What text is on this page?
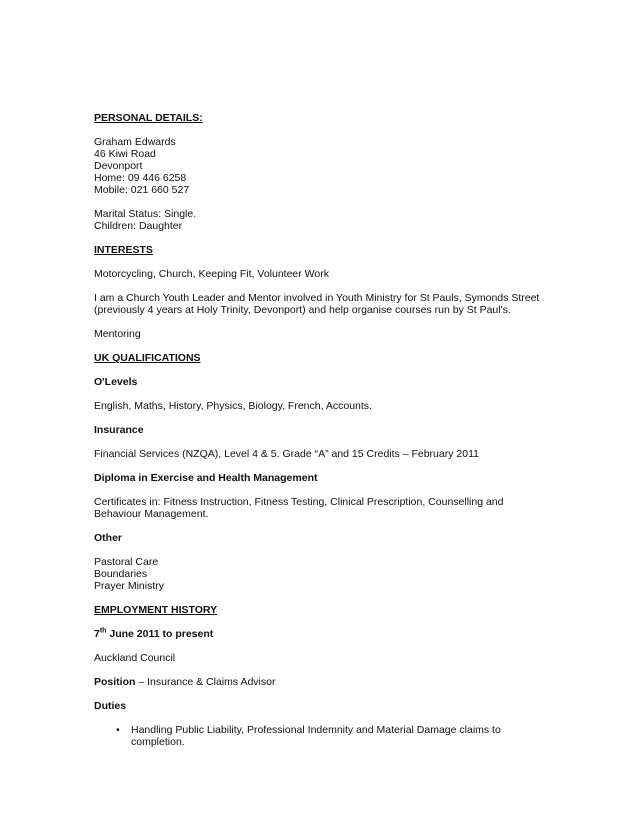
PERSONAL DETAILS:

Graham Edwards

46 Kiwi Road

Devonport

Home: 09 446 6258

Mobile: 021 660 527

Marital Status: Single.

Children: Daughter

INTERESTS

Motorcycling, Church, Keeping Fit, Volunteer Work

I am a Church Youth Leader and Mentor involved in Youth Ministry for St Pauls, Symonds Street

(previously 4 years at Holy Trinity, Devonport) and help organise courses run by St Paul's.

Mentoring

UK QUALIFICATIONS

O'Levels

English, Maths, History, Physics, Biology, French, Accounts.

Insurance

Financial Services (NZQA), Level 4 & 5. Grade “A” and 15 Credits – February 2011

Diploma in Exercise and Health Management

Certificates in: Fitness Instruction, Fitness Testing, Clinical Prescription, Counselling and

Behaviour Management.

Other

Pastoral Care

Boundaries

Prayer Ministry

EMPLOYMENT HISTORY

7th June 2011 to present

Auckland Council

Position – Insurance & Claims Advisor

Duties

• Handling Public Liability, Professional Indemnity and Material Damage claims to
completion.
